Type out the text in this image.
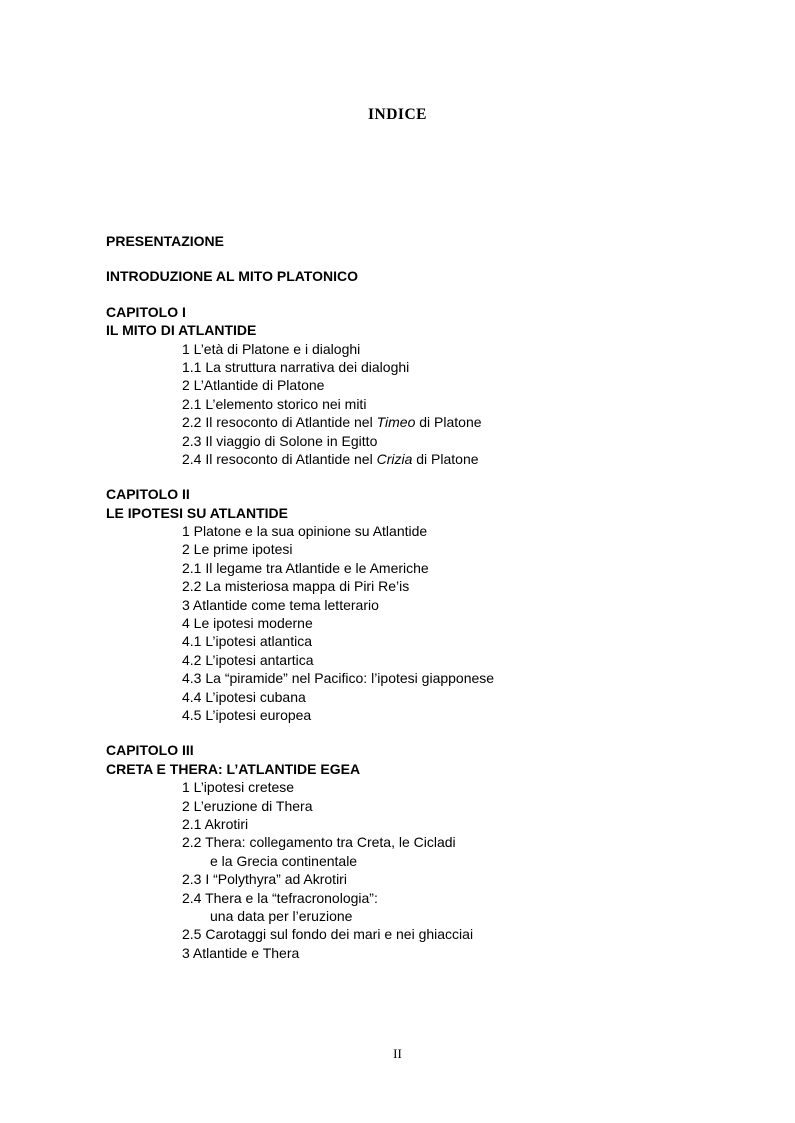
INDICE
PRESENTAZIONE
INTRODUZIONE AL MITO PLATONICO
CAPITOLO I
IL MITO DI ATLANTIDE
1 L’età di Platone e i dialoghi
1.1 La struttura narrativa dei dialoghi
2 L’Atlantide di Platone
2.1 L’elemento storico nei miti
2.2 Il resoconto di Atlantide nel Timeo di Platone
2.3 Il viaggio di Solone in Egitto
2.4 Il resoconto di Atlantide nel Crizia di Platone
CAPITOLO II
LE IPOTESI SU ATLANTIDE
1 Platone e la sua opinione su Atlantide
2 Le prime ipotesi
2.1 Il legame tra Atlantide e le Americhe
2.2 La misteriosa mappa di Piri Re’is
3 Atlantide come tema letterario
4 Le ipotesi moderne
4.1 L’ipotesi atlantica
4.2 L’ipotesi antartica
4.3 La “piramide” nel Pacifico: l’ipotesi giapponese
4.4 L’ipotesi cubana
4.5 L’ipotesi europea
CAPITOLO III
CRETA E THERA: L’ATLANTIDE EGEA
1 L’ipotesi cretese
2 L’eruzione di Thera
2.1 Akrotiri
2.2 Thera: collegamento tra Creta, le Cicladi
e la Grecia continentale
2.3 I “Polythyra” ad Akrotiri
2.4 Thera e la “tefracronologia”:
una data per l’eruzione
2.5 Carotaggi sul fondo dei mari e nei ghiacciai
3 Atlantide e Thera
II
